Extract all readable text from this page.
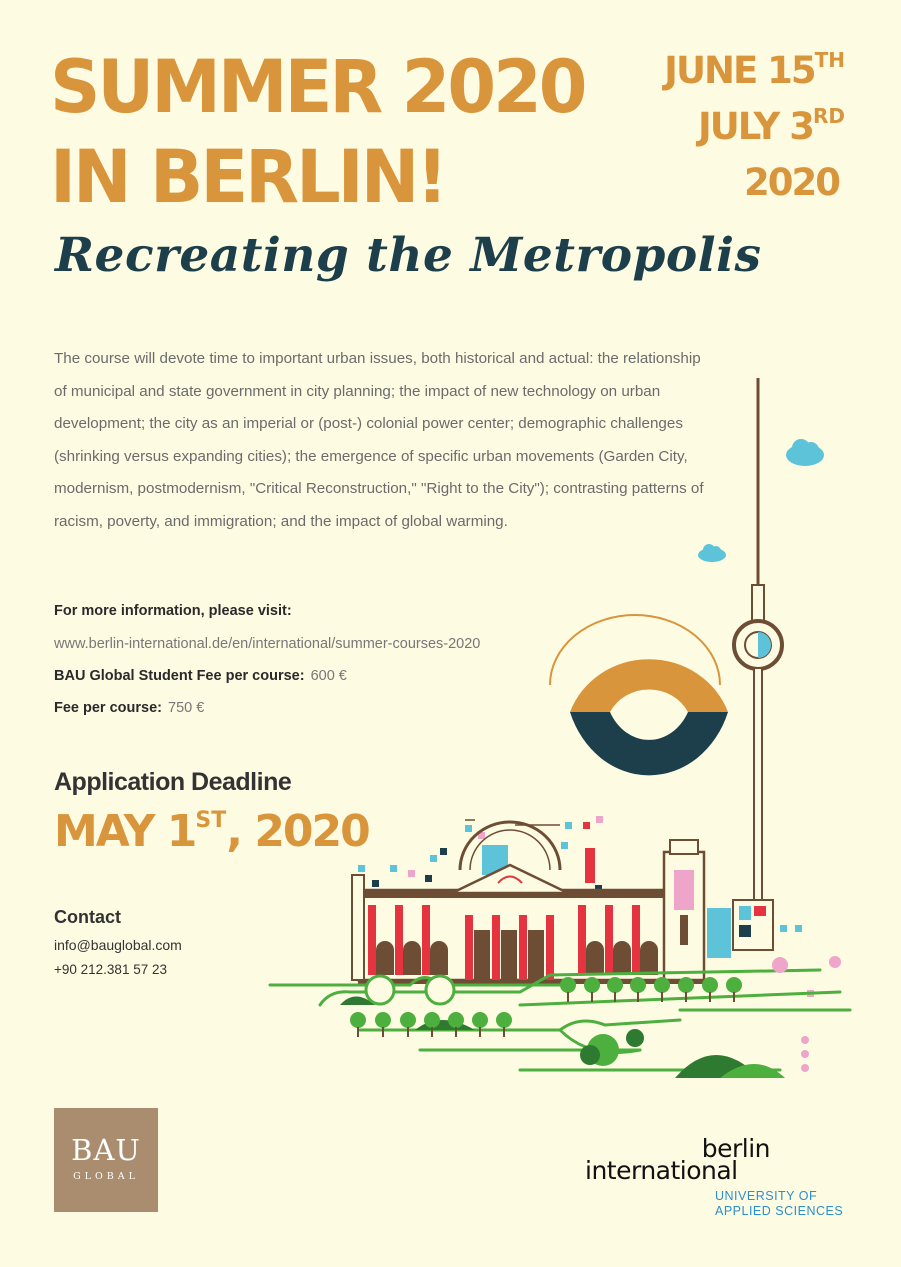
SUMMER 2020
IN BERLIN!
JUNE 15TH
JULY 3RD
2020
Recreating the Metropolis
The course will devote time to important urban issues, both historical and actual: the relationship of municipal and state government in city planning; the impact of new technology on urban development; the city as an imperial or (post-) colonial power center; demographic challenges (shrinking versus expanding cities); the emergence of specific urban movements (Garden City, modernism, postmodernism, "Critical Reconstruction," "Right to the City"); contrasting patterns of racism, poverty, and immigration; and the impact of global warming.
For more information, please visit:
www.berlin-international.de/en/international/summer-courses-2020
BAU Global Student Fee per course: 600 €
Fee per course: 750 €
Application Deadline
MAY 1ST, 2020
Contact
info@bauglobal.com
+90 212.381 57 23
BAU
GLOBAL
berlin
international
UNIVERSITY OF
APPLIED SCIENCES
